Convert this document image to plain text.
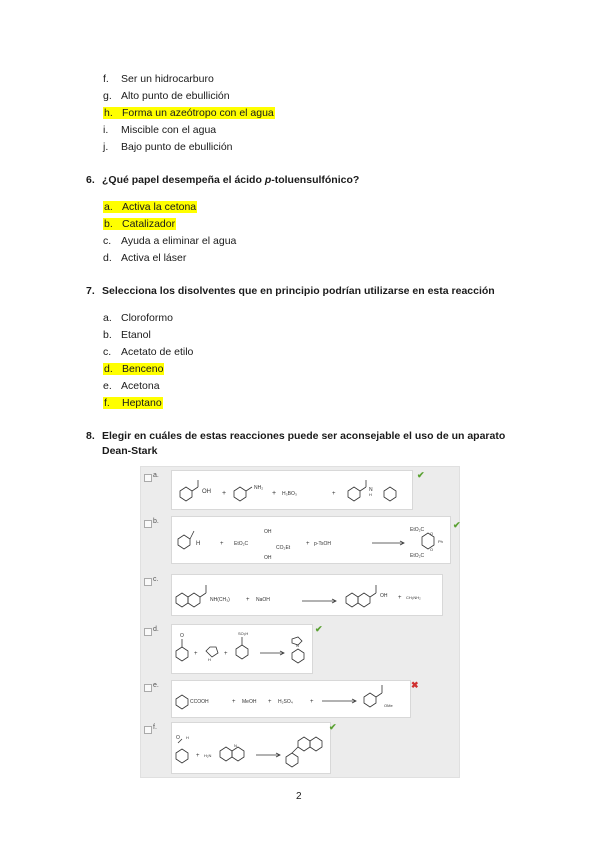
f. Ser un hidrocarburo
g. Alto punto de ebullición
h. Forma un azeótropo con el agua
i. Miscible con el agua
j. Bajo punto de ebullición
6. ¿Qué papel desempeña el ácido p-toluensulfónico?
a. Activa la cetona
b. Catalizador
c. Ayuda a eliminar el agua
d. Activa el láser
7. Selecciona los disolventes que en principio podrían utilizarse en esta reacción
a. Cloroformo
b. Etanol
c. Acetato de etilo
d. Benceno
e. Acetona
f. Heptano
8. Elegir en cuáles de estas reacciones puede ser aconsejable el uso de un aparato Dean-Stark
a.
OH +
NH₂
+ H₃BO₃	+
N
H
✔
b.
H	+ EtO₂C
OH
CO₂Et
OH
+ p-TsOH
EtO₂C
EtO₂C
O
O
Ph
✔
c.
NH(CH₃)	+ NaOH
OH + CH₃NH₂
d.
O
+
H
+
N
SO₃H	✔
e.
CCOOH	+ MeOH + H₂SO₄	+
OMe
✖
f.
O H
+ H₂N
N
✔
2
